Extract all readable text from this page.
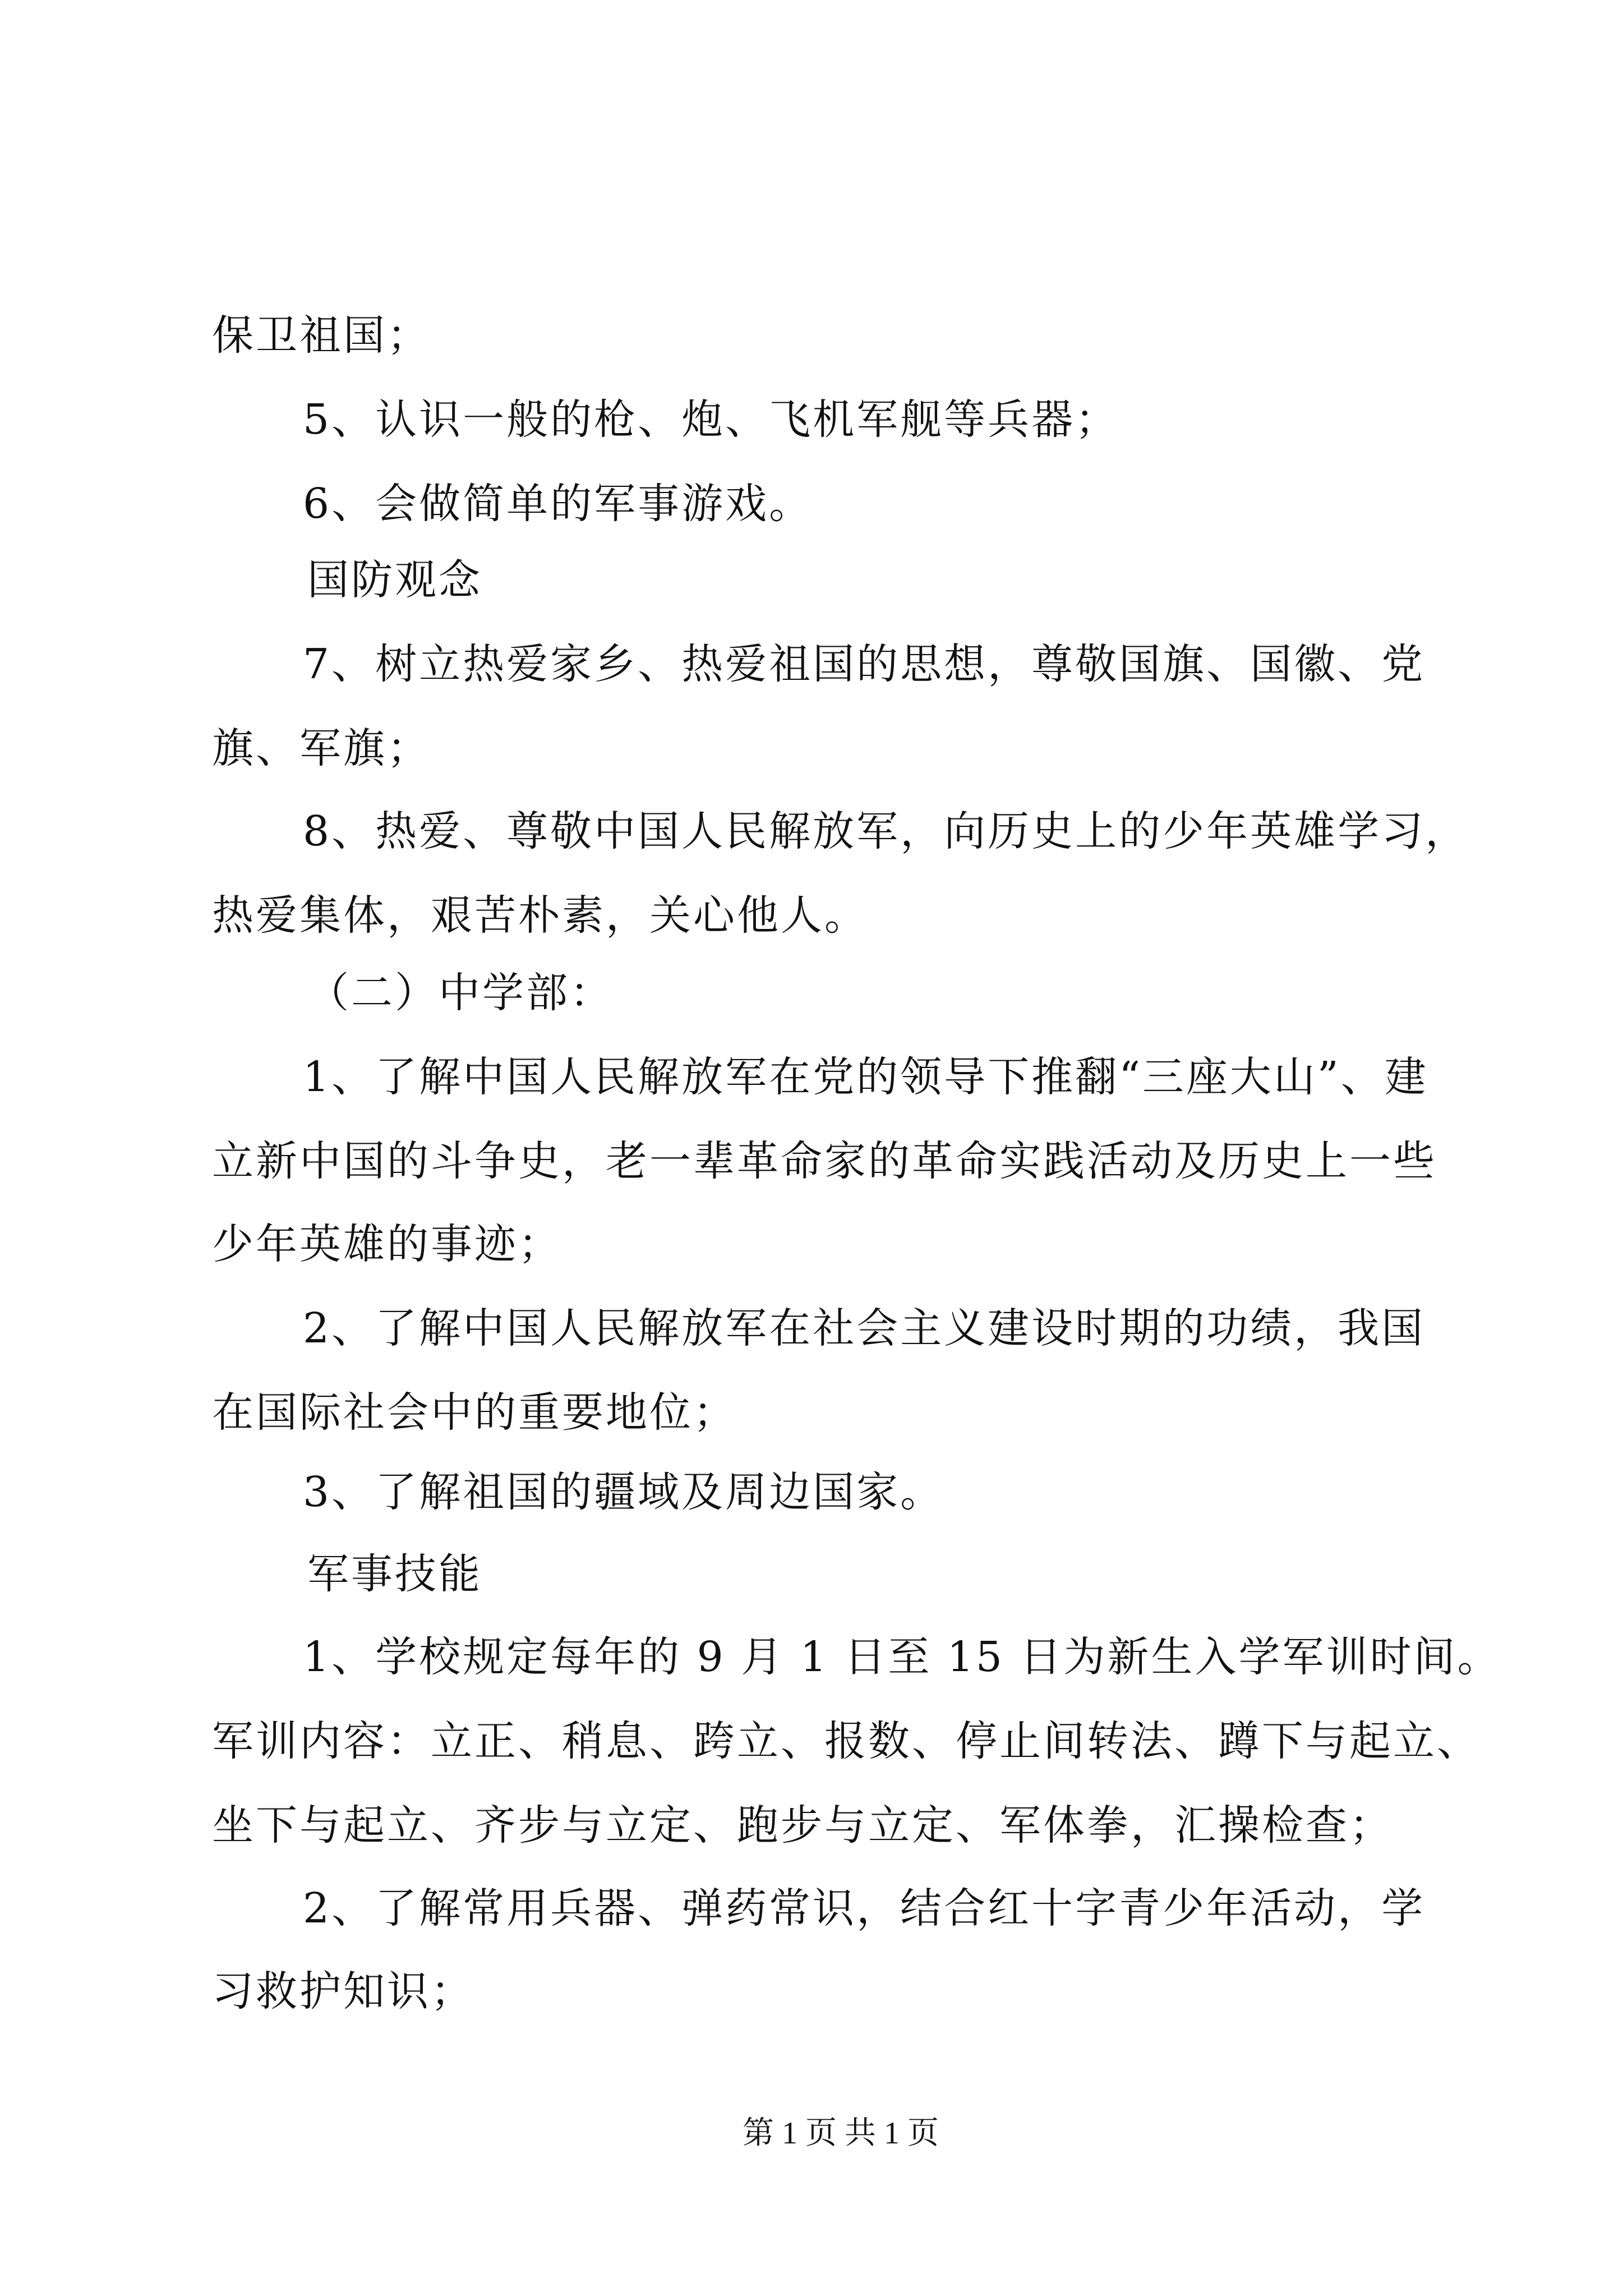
保卫祖国；
5、认识一般的枪、炮、飞机军舰等兵器；
6、会做简单的军事游戏。
国防观念
7、树立热爱家乡、热爱祖国的思想，尊敬国旗、国徽、党
旗、军旗；
8、热爱、尊敬中国人民解放军，向历史上的少年英雄学习，
热爱集体，艰苦朴素，关心他人。
（二）中学部：
1、了解中国人民解放军在党的领导下推翻“三座大山”、建
立新中国的斗争史，老一辈革命家的革命实践活动及历史上一些
少年英雄的事迹；
2、了解中国人民解放军在社会主义建设时期的功绩，我国
在国际社会中的重要地位；
3、了解祖国的疆域及周边国家。
军事技能
1、学校规定每年的 9 月 1 日至 15 日为新生入学军训时间。
军训内容：立正、稍息、跨立、报数、停止间转法、蹲下与起立、
坐下与起立、齐步与立定、跑步与立定、军体拳，汇操检查；
2、了解常用兵器、弹药常识，结合红十字青少年活动，学
习救护知识；
第 1 页 共 1 页
